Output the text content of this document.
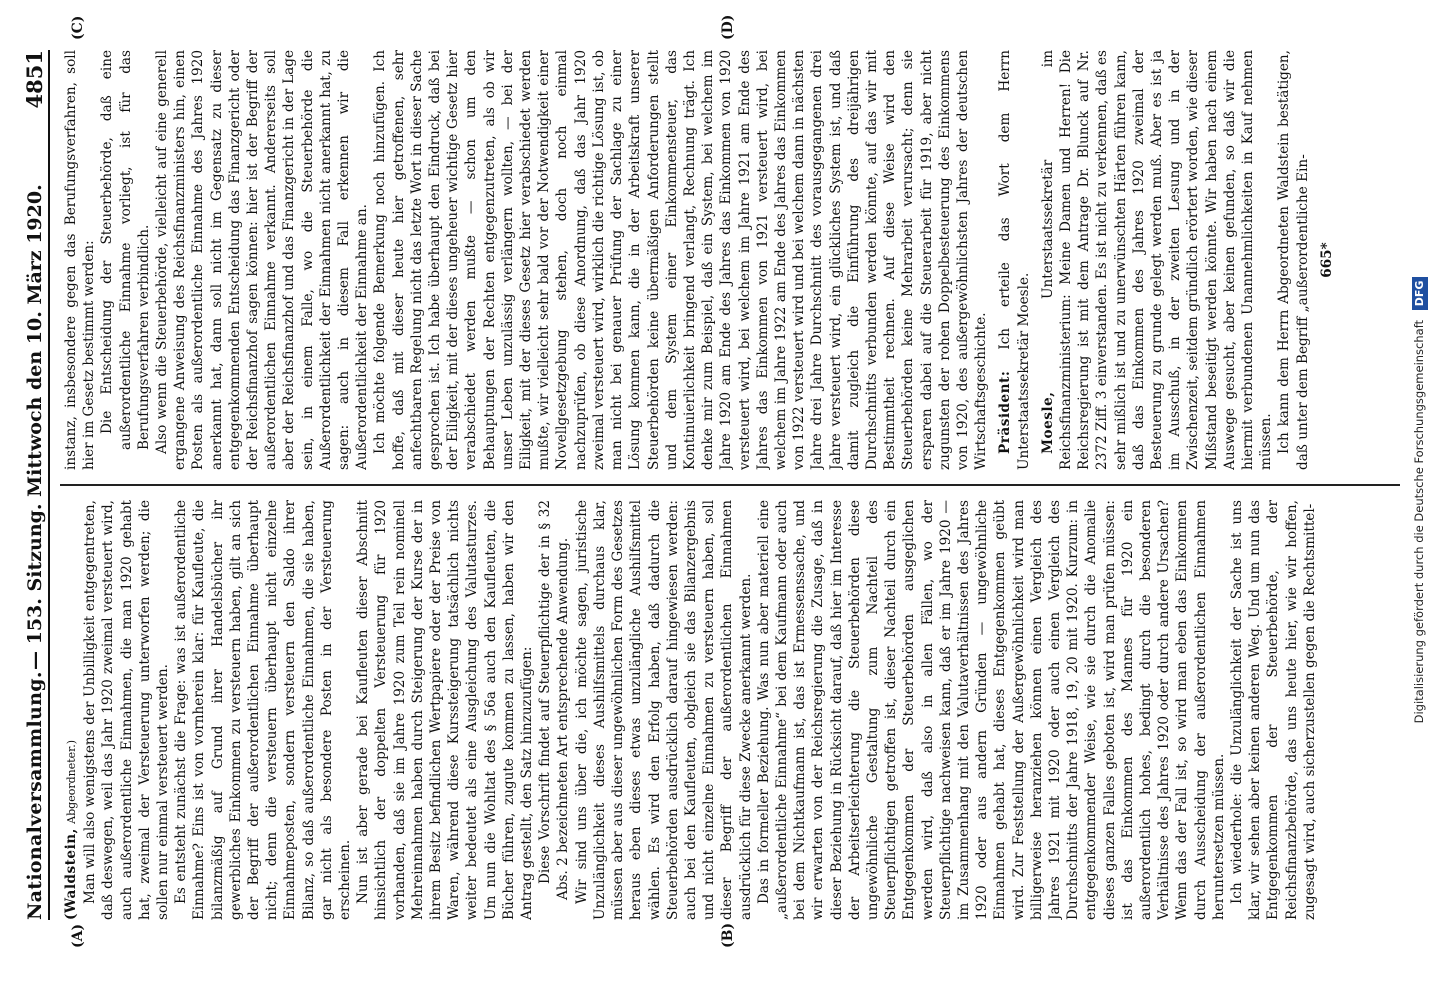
Nationalversammlung.
— 153. Sitzung. Mittwoch den 10. März 1920.
4851
(A)	(B)
(C)	(D)

(Waldstein, Abgeordneter.) Man will also wenigstens der Unbilligkeit entgegentreten, daß deswegen, weil das Jahr 1920 zweimal versteuert wird, auch außerordentliche Einnahmen, die man 1920 gehabt hat, zweimal der Versteuerung unterworfen werden; die sollen nur einmal versteuert werden. Es entsteht zunächst die Frage: was ist außerordentliche Einnahme? Eins ist von vornherein klar: für Kaufleute, die bilanzmäßig auf Grund ihrer Handelsbücher ihr gewerbliches Einkommen zu versteuern haben, gilt an sich der Begriff der außerordentlichen Einnahme überhaupt nicht; denn die versteuern überhaupt nicht einzelne Einnahmeposten, sondern versteuern den Saldo ihrer Bilanz, so daß außerordentliche Einnahmen, die sie haben, gar nicht als besondere Posten in der Versteuerung erscheinen. Nun ist aber gerade bei Kaufleuten dieser Abschnitt hinsichtlich der doppelten Versteuerung für 1920 vorhanden, daß sie im Jahre 1920 zum Teil rein nominell Mehreinnahmen haben durch Steigerung der Kurse der in ihrem Besitz befindlichen Wertpapiere oder der Preise von Waren, während diese Kurssteigerung tatsächlich nichts weiter bedeutet als eine Ausgleichung des Valutasturzes. Um nun die Wohltat des § 56a auch den Kaufleuten, die Bücher führen, zugute kommen zu lassen, haben wir den Antrag gestellt, den Satz hinzuzufügen: Diese Vorschrift findet auf Steuerpflichtige der in § 32 Abs. 2 bezeichneten Art entsprechende Anwendung. Wir sind uns über die, ich möchte sagen, juristische Unzulänglichkeit dieses Aushilfsmittels durchaus klar, müssen aber aus dieser ungewöhnlichen Form des Gesetzes heraus eben dieses etwas unzulängliche Aushilfsmittel wählen. Es wird den Erfolg haben, daß dadurch die Steuerbehörden ausdrücklich darauf hingewiesen werden: auch bei den Kaufleuten, obgleich sie das Bilanzergebnis und nicht einzelne Einnahmen zu versteuern haben, soll dieser Begriff der außerordentlichen Einnahmen ausdrücklich für diese Zwecke anerkannt werden. Das in formeller Beziehung. Was nun aber materiell eine „außerordentliche Einnahme“ bei dem Kaufmann oder auch bei dem Nichtkaufmann ist, das ist Ermessenssache, und wir erwarten von der Reichsregierung die Zusage, daß in dieser Beziehung in Rücksicht darauf, daß hier im Interesse der Arbeitserleichterung die Steuerbehörden diese ungewöhnliche Gestaltung zum Nachteil des Steuerpflichtigen getroffen ist, dieser Nachteil durch ein Entgegenkommen der Steuerbehörden ausgeglichen werden wird, daß also in allen Fällen, wo der Steuerpflichtige nachweisen kann, daß er im Jahre 1920 — im Zusammenhang mit den Valutaverhältnissen des Jahres 1920 oder aus andern Gründen — ungewöhnliche Einnahmen gehabt hat, dieses Entgegenkommen geübt wird. Zur Feststellung der Außergewöhnlichkeit wird man billigerweise heranziehen können einen Vergleich des Jahres 1921 mit 1920 oder auch einen Vergleich des Durchschnitts der Jahre 1918, 19, 20 mit 1920. Kurzum: in entgegenkommender Weise, wie sie durch die Anomalie dieses ganzen Falles geboten ist, wird man prüfen müssen: ist das Einkommen des Mannes für 1920 ein außerordentlich hohes, bedingt durch die besonderen Verhältnisse des Jahres 1920 oder durch andere Ursachen? Wenn das der Fall ist, so wird man eben das Einkommen durch Ausscheidung der außerordentlichen Einnahmen heruntersetzen müssen. Ich wiederhole: die Unzulänglichkeit der Sache ist uns klar, wir sehen aber keinen anderen Weg. Und um nun das Entgegenkommen der Steuerbehörde, der Reichsfinanzbehörde, das uns heute hier, wie wir hoffen, zugesagt wird, auch sicherzustellen gegen die Rechtsmittel-

instanz, insbesondere gegen das Berufungsverfahren, soll hier im Gesetz bestimmt werden: Die Entscheidung der Steuerbehörde, daß eine außerordentliche Einnahme vorliegt, ist für das Berufungsverfahren verbindlich. Also wenn die Steuerbehörde, vielleicht auf eine generell ergangene Anweisung des Reichsfinanzministers hin, einen Posten als außerordentliche Einnahme des Jahres 1920 anerkannt hat, dann soll nicht im Gegensatz zu dieser entgegenkommenden Entscheidung das Finanzgericht oder der Reichsfinanzhof sagen können: hier ist der Begriff der außerordentlichen Einnahme verkannt. Andererseits soll aber der Reichsfinanzhof und das Finanzgericht in der Lage sein, in einem Falle, wo die Steuerbehörde die Außerordentlichkeit der Einnahmen nicht anerkannt hat, zu sagen: auch in diesem Fall erkennen wir die Außerordentlichkeit der Einnahme an. Ich möchte folgende Bemerkung noch hinzufügen. Ich hoffe, daß mit dieser heute hier getroffenen, sehr anfechtbaren Regelung nicht das letzte Wort in dieser Sache gesprochen ist. Ich habe überhaupt den Eindruck, daß bei der Eiligkeit, mit der dieses ungeheuer wichtige Gesetz hier verabschiedet werden mußte — schon um den Behauptungen der Rechten entgegenzutreten, als ob wir unser Leben unzulässig verlängern wollten, — bei der Eiligkeit, mit der dieses Gesetz hier verabschiedet werden mußte, wir vielleicht sehr bald vor der Notwendigkeit einer Novellgesetzgebung stehen, doch noch einmal nachzuprüfen, ob diese Anordnung, daß das Jahr 1920 zweimal versteuert wird, wirklich die richtige Lösung ist, ob man nicht bei genauer Prüfung der Sachlage zu einer Lösung kommen kann, die in der Arbeitskraft unserer Steuerbehörden keine übermäßigen Anforderungen stellt und dem System einer Einkommensteuer, das Kontinuierlichkeit bringend verlangt, Rechnung trägt. Ich denke mir zum Beispiel, daß ein System, bei welchem im Jahre 1920 am Ende des Jahres das Einkommen von 1920 versteuert wird, bei welchem im Jahre 1921 am Ende des Jahres das Einkommen von 1921 versteuert wird, bei welchem im Jahre 1922 am Ende des Jahres das Einkommen von 1922 versteuert wird und bei welchem dann in nächsten Jahre drei Jahre Durchschnitt des vorausgegangenen drei Jahre versteuert wird, ein glückliches System ist, und daß damit zugleich die Einführung des dreijährigen Durchschnitts verbunden werden könnte, auf das wir mit Bestimmtheit rechnen. Auf diese Weise wird den Steuerbehörden keine Mehrarbeit verursacht; denn sie ersparen dabei auf die Steuerarbeit für 1919, aber nicht zugunsten der rohen Doppelbesteuerung des Einkommens von 1920, des außergewöhnlichsten Jahres der deutschen Wirtschaftsgeschichte. Präsident: Ich erteile das Wort dem Herrn Unterstaatssekretär Moesle. Moesle, Unterstaatssekretär im Reichsfinanzministerium: Meine Damen und Herren! Die Reichsregierung ist mit dem Antrage Dr. Blunck auf Nr. 2372 Ziff. 3 einverstanden. Es ist nicht zu verkennen, daß es sehr mißlich ist und zu unerwünschten Härten führen kann, daß das Einkommen des Jahres 1920 zweimal der Besteuerung zu grunde gelegt werden muß. Aber es ist ja im Ausschuß, in der zweiten Lesung und in der Zwischenzeit, seitdem gründlich erörtert worden, wie dieser Mißstand beseitigt werden könnte. Wir haben nach einem Auswege gesucht, aber keinen gefunden, so daß wir die hiermit verbundenen Unannehmlichkeiten in Kauf nehmen müssen. Ich kann dem Herrn Abgeordneten Waldstein bestätigen, daß unter dem Begriff „außerordentliche Ein- 665*

Digitalisierung gefördert durch die Deutsche Forschungsgemeinschaft DFG
